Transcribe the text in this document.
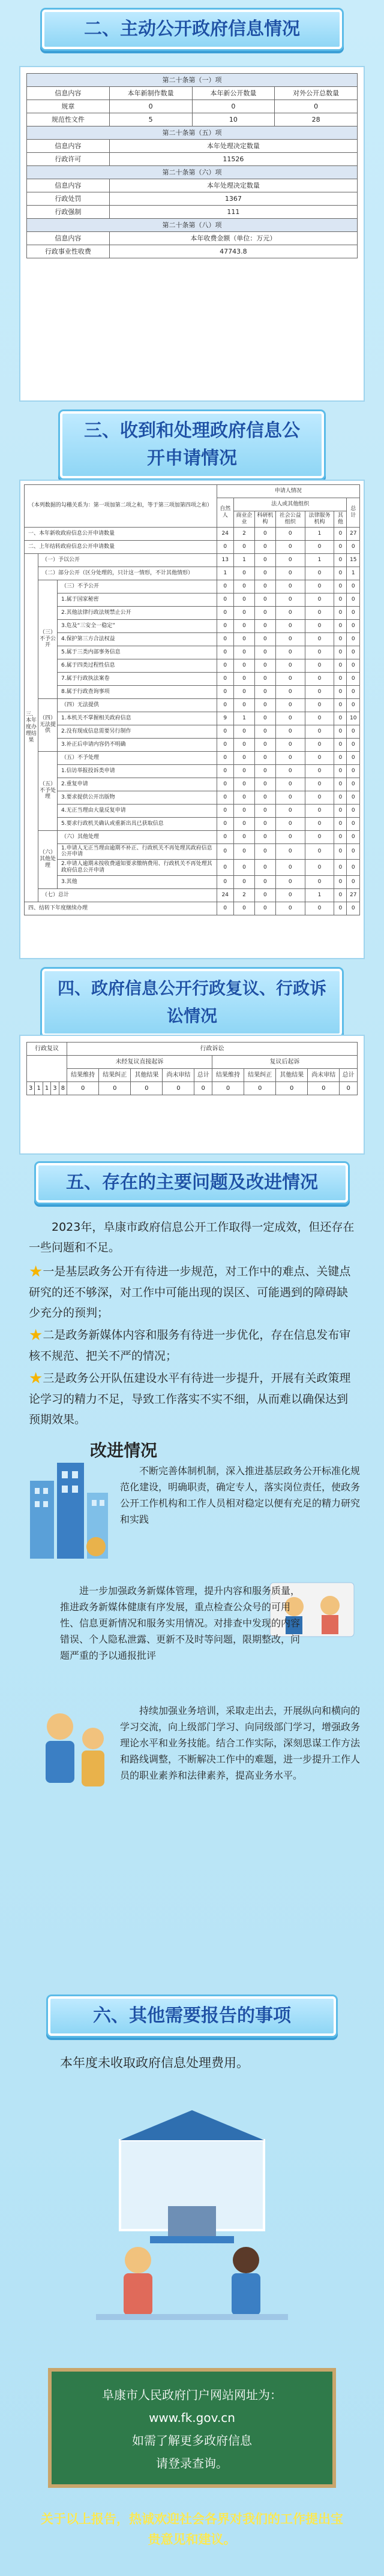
二、主动公开政府信息情况
第二十条第（一）项			
信息内容	本年新制作数量	本年新公开数量	对外公开总数量
规章	0	0	0
规范性文件	5	10	28
第二十条第（五）项			
信息内容	本年处理决定数量		
行政许可	11526		
第二十条第（六）项			
信息内容	本年处理决定数量		
行政处罚	1367		
行政强制	111		
第二十条第（八）项			
信息内容	本年收费金额（单位：万元）		
行政事业性收费	47743.8		
三、收到和处理政府信息公开申请情况
（本列数据的勾稽关系为：第一项加第二项之和，等于第三项加第四项之和）			申请人情况						
			自然人	法人或其他组织					总计
				商业企业	科研机构	社会公益组织	法律服务机构	其他	
一、本年新收政府信息公开申请数量			24	2	0	0	1	0	27
二、上年结转政府信息公开申请数量			0	0	0	0	0	0	0
三、本年度办理结果	（一）予以公开		13	1	0	0	1	0	15
	（二）部分公开（区分处理的，只计这一情形，不计其他情形）		1	0	0	0	0	0	1
	（三）不予公开	（三）不予公开	0	0	0	0	0	0	0
		1.属于国家秘密	0	0	0	0	0	0	0
		2.其他法律行政法规禁止公开	0	0	0	0	0	0	0
		3.危及“三安全一稳定”	0	0	0	0	0	0	0
		4.保护第三方合法权益	0	0	0	0	0	0	0
		5.属于三类内部事务信息	0	0	0	0	0	0	0
		6.属于四类过程性信息	0	0	0	0	0	0	0
		7.属于行政执法案卷	0	0	0	0	0	0	0
		8.属于行政查询事项	0	0	0	0	0	0	0
	（四）无法提供	（四）无法提供	0	0	0	0	0	0	0
		1.本机关不掌握相关政府信息	9	1	0	0	0	0	10
		2.没有现成信息需要另行制作	0	0	0	0	0	0	0
		3.补正后申请内容仍不明确	0	0	0	0	0	0	0
	（五）不予处理	（五）不予处理	0	0	0	0	0	0	0
		1.信访举报投诉类申请	0	0	0	0	0	0	0
		2.重复申请	0	0	0	0	0	0	0
		3.要求提供公开出版物	0	0	0	0	0	0	0
		4.无正当理由大量反复申请	0	0	0	0	0	0	0
		5.要求行政机关确认或重新出具已获取信息	0	0	0	0	0	0	0
	（六）其他处理	（六）其他处理	0	0	0	0	0	0	0
		1.申请人无正当理由逾期不补正、行政机关不再处理其政府信息公开申请	0	0	0	0	0	0	0
		2.申请人逾期未按收费通知要求缴纳费用、行政机关不再处理其政府信息公开申请	0	0	0	0	0	0	0
		3.其他	0	0	0	0	0	0	0
	（七）总计		24	2	0	0	1	0	27
四、结转下年度继续办理			0	0	0	0	0	0	0
四、政府信息公开行政复议、行政诉讼情况
行政复议					行政诉讼									
					未经复议直接起诉					复议后起诉				
					结果维持	结果纠正	其他结果	尚未审结	总计	结果维持	结果纠正	其他结果	尚未审结	总计
3	1	1	3	8	0	0	0	0	0	0	0	0	0	0
五、存在的主要问题及改进情况
2023年，阜康市政府信息公开工作取得一定成效，但还存在一些问题和不足。
★一是基层政务公开有待进一步规范，对工作中的难点、关键点研究的还不够深，对工作中可能出现的误区、可能遇到的障碍缺少充分的预判；
★二是政务新媒体内容和服务有待进一步优化，存在信息发布审核不规范、把关不严的情况；
★三是政务公开队伍建设水平有待进一步提升，开展有关政策理论学习的精力不足，导致工作落实不实不细，从而难以确保达到预期效果。
改进情况
不断完善体制机制，深入推进基层政务公开标准化规范化建设，明确职责，确定专人，落实岗位责任，使政务公开工作机构和工作人员相对稳定以便有充足的精力研究和实践
进一步加强政务新媒体管理，提升内容和服务质量，推进政务新媒体健康有序发展，重点检查公众号的可用性、信息更新情况和服务实用情况。对排查中发现的内容错误、个人隐私泄露、更新不及时等问题，限期整改，问题严重的予以通报批评
持续加强业务培训，采取走出去，开展纵向和横向的学习交流，向上级部门学习、向同级部门学习，增强政务理论水平和业务技能。结合工作实际，深刻思谋工作方法和路线调整，不断解决工作中的难题，进一步提升工作人员的职业素养和法律素养，提高业务水平。
六、其他需要报告的事项
本年度未收取政府信息处理费用。
阜康市人民政府门户网站网址为：
www.fk.gov.cn
如需了解更多政府信息
请登录查询。
关于以上报告，热诚欢迎社会各界对我们的工作提出宝贵意见和建议。
